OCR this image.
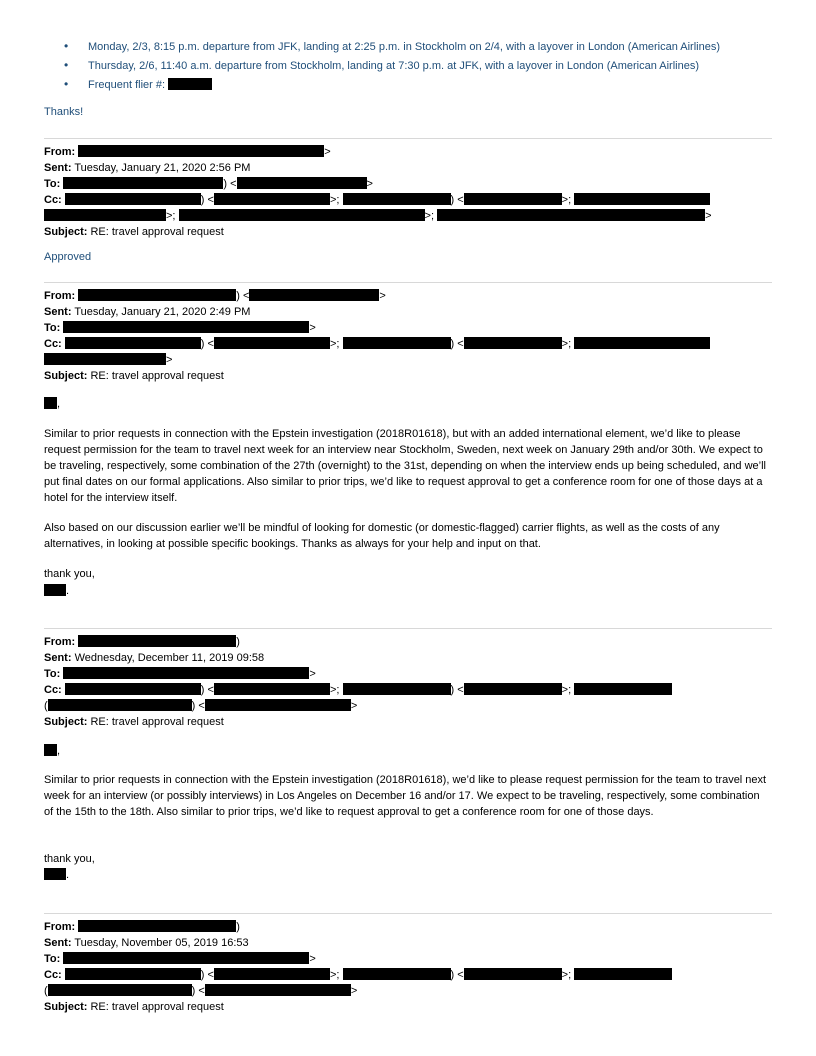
• Monday, 2/3, 8:15 p.m. departure from JFK, landing at 2:25 p.m. in Stockholm on 2/4, with a layover in London (American Airlines)
• Thursday, 2/6, 11:40 a.m. departure from Stockholm, landing at 7:30 p.m. at JFK, with a layover in London (American Airlines)
• Frequent flier #:
Thanks!
From:	>
Sent: Tuesday, January 21, 2020 2:56 PM
To:	) <	>
Cc:	) <	>;	) <	>;
>;	>;	>
Subject: RE: travel approval request
Approved
From:	) <	>
Sent: Tuesday, January 21, 2020 2:49 PM
To:	>
Cc:	) <	>;	) <	>;
>
Subject: RE: travel approval request
,
Similar to prior requests in connection with the Epstein investigation (2018R01618), but with an added international element, we’d like to please request permission for the team to travel next week for an interview near Stockholm, Sweden, next week on January 29th and/or 30th. We expect to be traveling, respectively, some combination of the 27th (overnight) to the 31st, depending on when the interview ends up being scheduled, and we’ll put final dates on our formal applications. Also similar to prior trips, we’d like to request approval to get a conference room for one of those days at a hotel for the interview itself.
Also based on our discussion earlier we’ll be mindful of looking for domestic (or domestic-flagged) carrier flights, as well as the costs of any alternatives, in looking at possible specific bookings. Thanks as always for your help and input on that.
thank you,
.
From:	)
Sent: Wednesday, December 11, 2019 09:58
To:	>
Cc:	) <	>;	) <	>;
(	) <	>
Subject: RE: travel approval request
,
Similar to prior requests in connection with the Epstein investigation (2018R01618), we’d like to please request permission for the team to travel next week for an interview (or possibly interviews) in Los Angeles on December 16 and/or 17. We expect to be traveling, respectively, some combination of the 15th to the 18th. Also similar to prior trips, we’d like to request approval to get a conference room for one of those days.
thank you,
.
From:	)
Sent: Tuesday, November 05, 2019 16:53
To:	>
Cc:	) <	>;	) <	>;
(	) <	>
Subject: RE: travel approval request
